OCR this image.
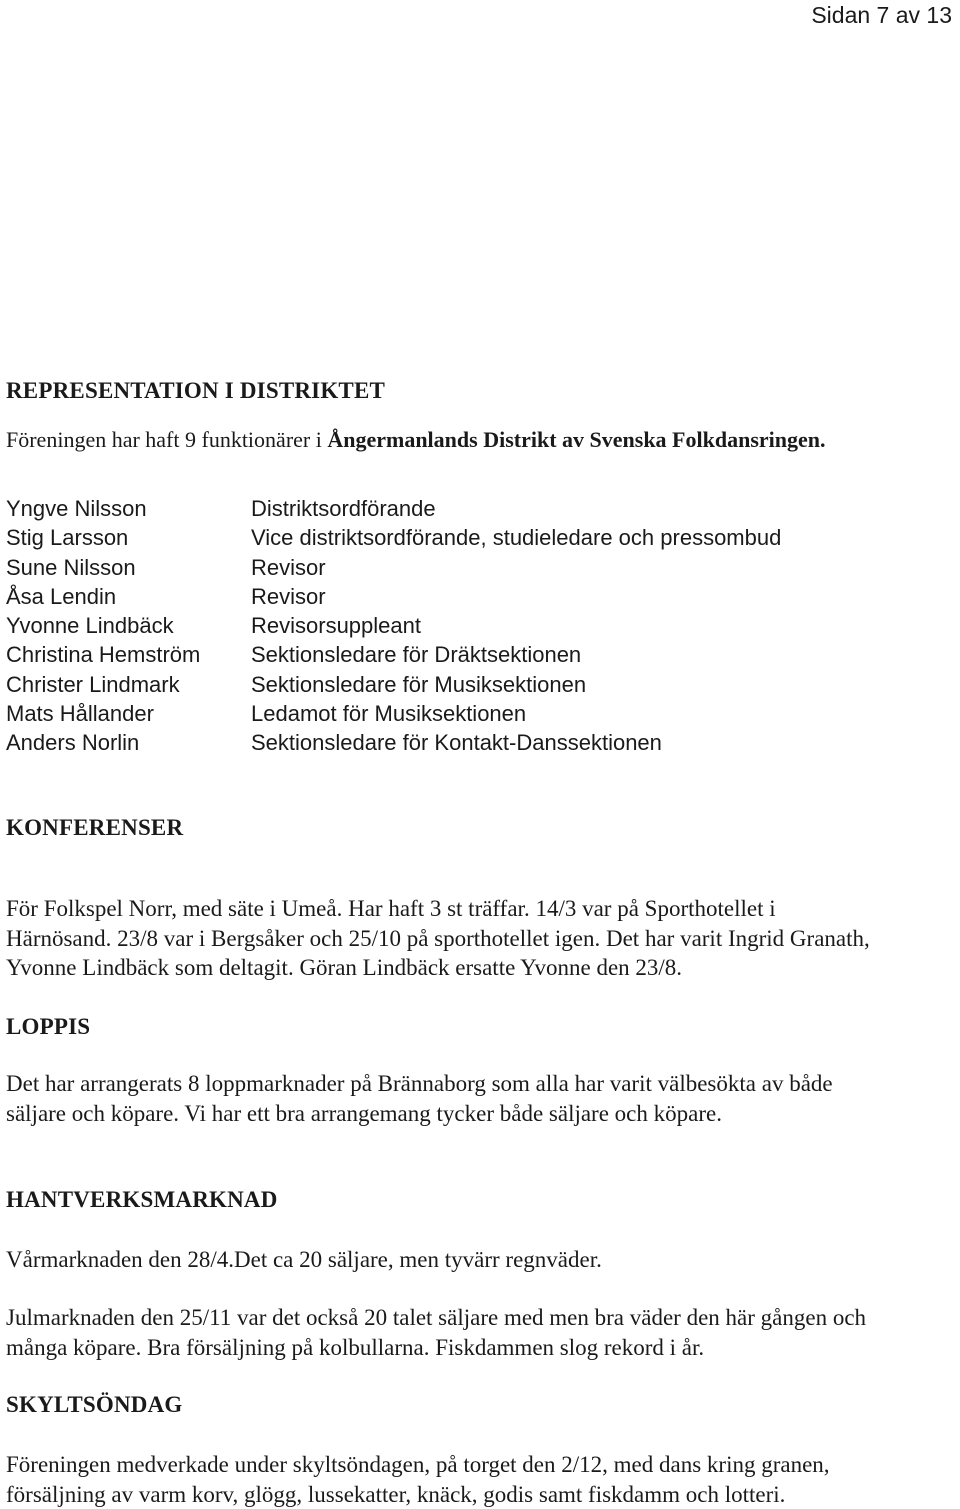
Sidan 7 av 13
REPRESENTATION I DISTRIKTET
Föreningen har haft 9 funktionärer i Ångermanlands Distrikt av Svenska Folkdansringen.
Yngve Nilsson	Distriktsordförande
Stig Larsson	Vice distriktsordförande, studieledare och pressombud
Sune Nilsson	Revisor
Åsa Lendin	Revisor
Yvonne Lindbäck	Revisorsuppleant
Christina Hemström	Sektionsledare för Dräktsektionen
Christer Lindmark	Sektionsledare för Musiksektionen
Mats Hållander	Ledamot för Musiksektionen
Anders Norlin	Sektionsledare för Kontakt-Danssektionen
KONFERENSER
För Folkspel Norr, med säte i Umeå. Har haft 3 st träffar. 14/3 var på Sporthotellet i
Härnösand. 23/8 var i Bergsåker och 25/10 på sporthotellet igen. Det har varit Ingrid Granath,
Yvonne Lindbäck som deltagit. Göran Lindbäck ersatte Yvonne den 23/8.
LOPPIS
Det har arrangerats 8 loppmarknader på Brännaborg som alla har varit välbesökta av både
säljare och köpare. Vi har ett bra arrangemang tycker både säljare och köpare.
HANTVERKSMARKNAD
Vårmarknaden den 28/4.Det ca 20 säljare, men tyvärr regnväder.
Julmarknaden den 25/11 var det också 20 talet säljare med men bra väder den här gången och
många köpare. Bra försäljning på kolbullarna. Fiskdammen slog rekord i år.
SKYLTSÖNDAG
Föreningen medverkade under skyltsöndagen, på torget den 2/12, med dans kring granen,
försäljning av varm korv, glögg, lussekatter, knäck, godis samt fiskdamm och lotteri.
